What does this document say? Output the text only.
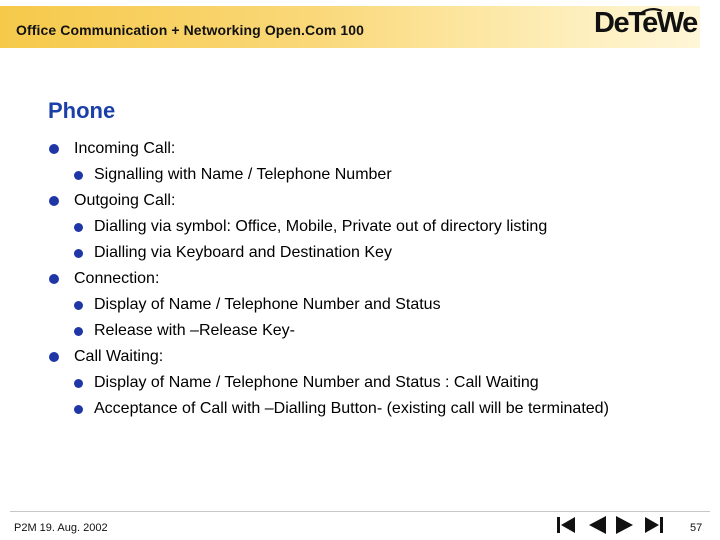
Office Communication + Networking Open.Com 100	DeTeWe
Phone
Incoming Call:
Signalling with Name / Telephone Number
Outgoing Call:
Dialling via symbol: Office, Mobile, Private out of directory listing
Dialling via Keyboard and Destination Key
Connection:
Display of Name / Telephone Number and Status
Release with –Release Key-
Call Waiting:
Display of Name / Telephone Number and Status : Call Waiting
Acceptance of Call with –Dialling Button- (existing call will be terminated)
P2M 19. Aug. 2002	57
